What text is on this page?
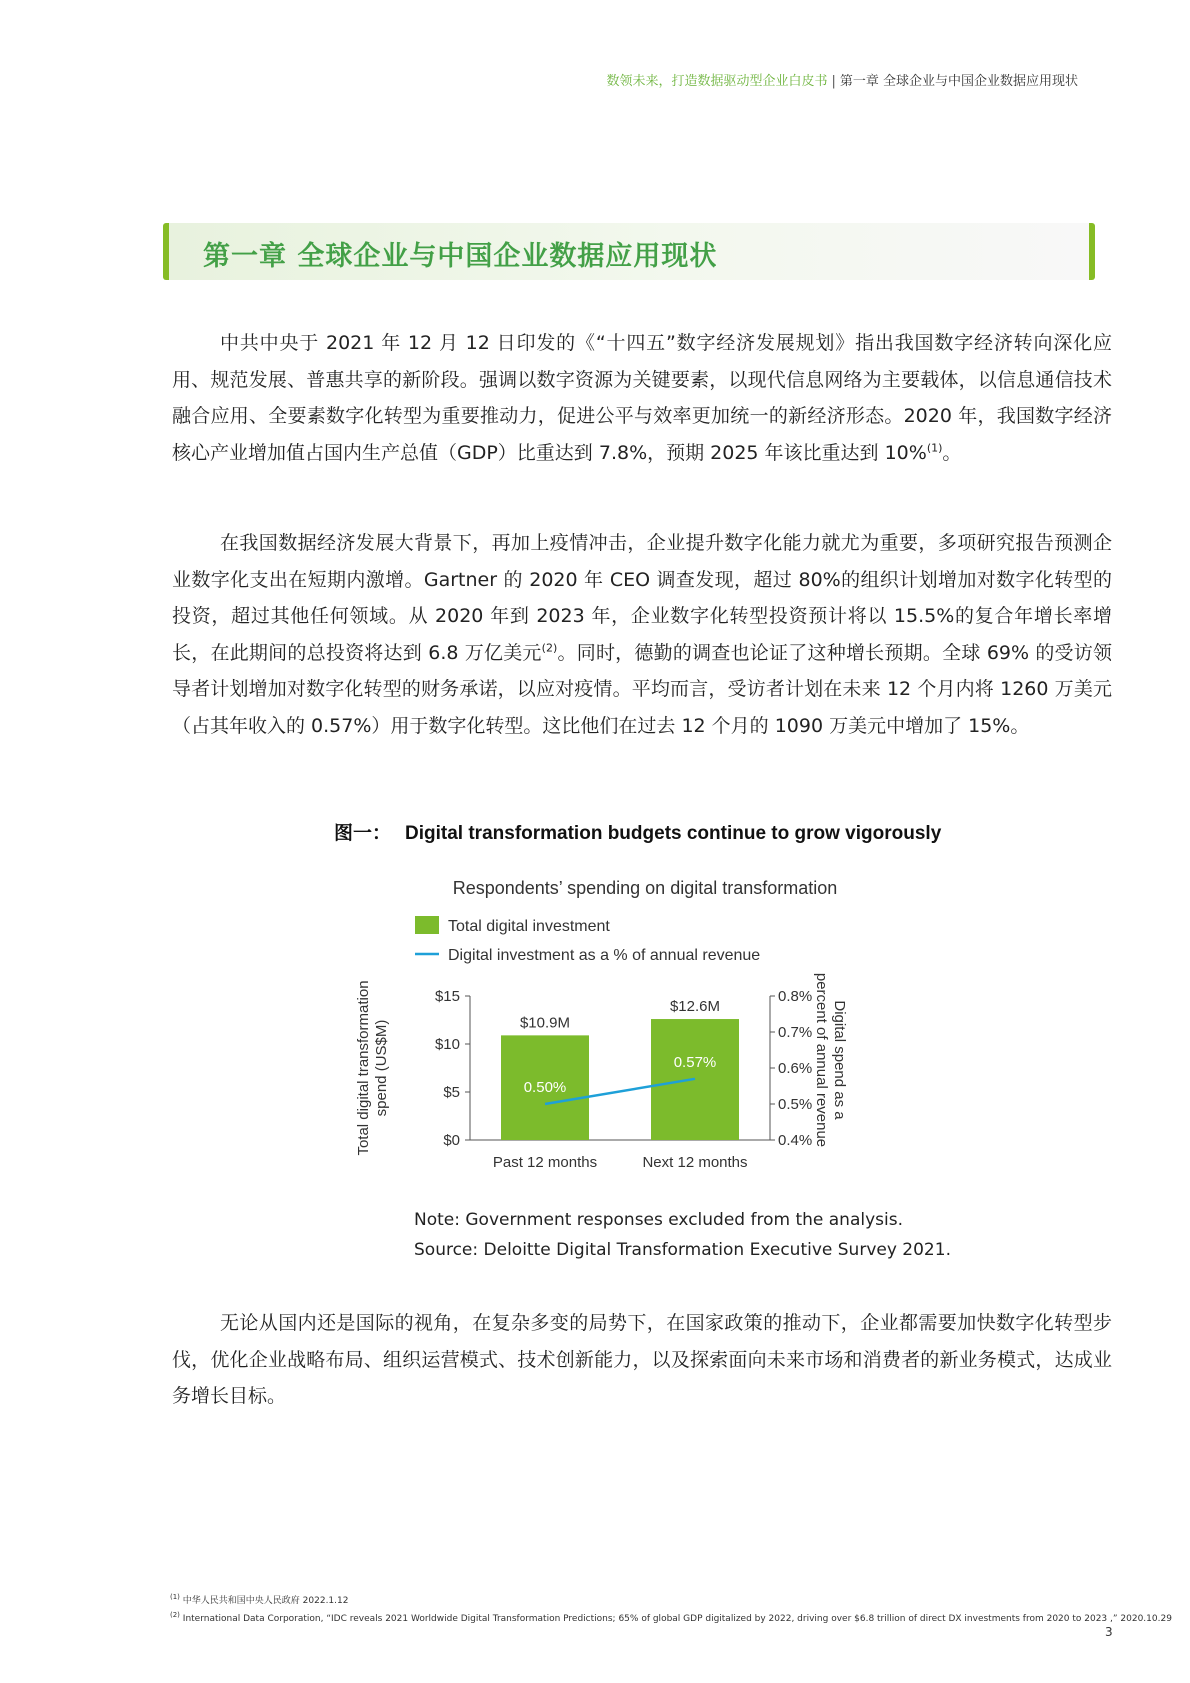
数领未来，打造数据驱动型企业白皮书 | 第一章 全球企业与中国企业数据应用现状
第一章 全球企业与中国企业数据应用现状

中共中央于 2021 年 12 月 12 日印发的《“十四五”数字经济发展规划》指出我国数字经济转向深化应用、规范发展、普惠共享的新阶段。强调以数字资源为关键要素，以现代信息网络为主要载体，以信息通信技术融合应用、全要素数字化转型为重要推动力，促进公平与效率更加统一的新经济形态。2020 年，我国数字经济核心产业增加值占国内生产总值（GDP）比重达到 7.8%，预期 2025 年该比重达到 10%$^{(1)}$。

在我国数据经济发展大背景下，再加上疫情冲击，企业提升数字化能力就尤为重要，多项研究报告预测企业数字化支出在短期内激增。Gartner 的 2020 年 CEO 调查发现，超过 80%的组织计划增加对数字化转型的投资，超过其他任何领域。从 2020 年到 2023 年，企业数字化转型投资预计将以 15.5%的复合年增长率增长，在此期间的总投资将达到 6.8 万亿美元$^{(2)}$。同时，德勤的调查也论证了这种增长预期。全球 69% 的受访领导者计划增加对数字化转型的财务承诺，以应对疫情。平均而言，受访者计划在未来 12 个月内将 1260 万美元（占其年收入的 0.57%）用于数字化转型。这比他们在过去 12 个月的 1090 万美元中增加了 15%。

图一： Digital transformation budgets continue to grow vigorously
Respondents’ spending on digital transformation
Total digital investment
Digital investment as a % of annual revenue
$0
$5
$10
$15
0.4%
0.5%
0.6%
0.7%
0.8%
$10.9M
$12.6M
0.50%
0.57%
Past 12 months	Next 12 months
Total digital transformationspend (US$M)	Digital spend as apercent of annual revenue
Note: Government responses excluded from the analysis.
Source: Deloitte Digital Transformation Executive Survey 2021.

无论从国内还是国际的视角，在复杂多变的局势下，在国家政策的推动下，企业都需要加快数字化转型步伐，优化企业战略布局、组织运营模式、技术创新能力，以及探索面向未来市场和消费者的新业务模式，达成业务增长目标。

$^{(1)}$ 中华人民共和国中央人民政府 2022.1.12
$^{(2)}$ International Data Corporation, “IDC reveals 2021 Worldwide Digital Transformation Predictions; 65% of global GDP digitalized by 2022, driving over $6.8 trillion of direct DX investments from 2020 to 2023 ,” 2020.10.29
3
